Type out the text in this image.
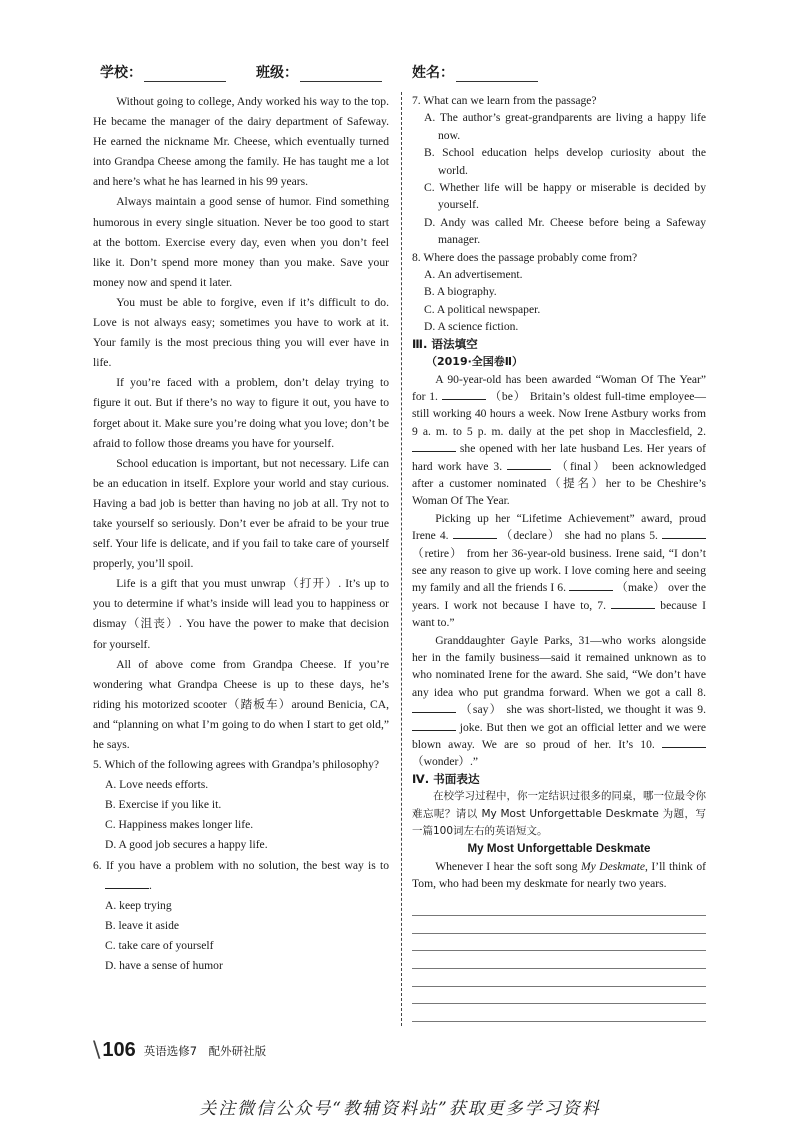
学校：	班级：	姓名：

Without going to college, Andy worked his way to the top. He became the manager of the dairy department of Safeway. He earned the nickname Mr. Cheese, which eventually turned into Grandpa Cheese among the family. He has taught me a lot and here’s what he has learned in his 99 years.

Always maintain a good sense of humor. Find something humorous in every single situation. Never be too good to start at the bottom. Exercise every day, even when you don’t feel like it. Don’t spend more money than you make. Save your money now and spend it later.

You must be able to forgive, even if it’s difficult to do. Love is not always easy; sometimes you have to work at it. Your family is the most precious thing you will ever have in life.

If you’re faced with a problem, don’t delay trying to figure it out. But if there’s no way to figure it out, you have to forget about it. Make sure you’re doing what you love; don’t be afraid to follow those dreams you have for yourself.

School education is important, but not necessary. Life can be an education in itself. Explore your world and stay curious. Having a bad job is better than having no job at all. Try not to take yourself so seriously. Don’t ever be afraid to be your true self. Your life is delicate, and if you fail to take care of yourself properly, you’ll spoil.

Life is a gift that you must unwrap（打开）. It’s up to you to determine if what’s inside will lead you to happiness or dismay（沮丧）. You have the power to make that decision for yourself.

All of above come from Grandpa Cheese. If you’re wondering what Grandpa Cheese is up to these days, he’s riding his motorized scooter（踏板车）around Benicia, CA, and “planning on what I’m going to do when I start to get old,” he says.

5. Which of the following agrees with Grandpa’s philosophy?

A. Love needs efforts.

B. Exercise if you like it.

C. Happiness makes longer life.

D. A good job secures a happy life.

6. If you have a problem with no solution, the best way is to .

A. keep trying

B. leave it aside

C. take care of yourself

D. have a sense of humor

7. What can we learn from the passage?

A. The author’s great-grandparents are living a happy life now.

B. School education helps develop curiosity about the world.

C. Whether life will be happy or miserable is decided by yourself.

D. Andy was called Mr. Cheese before being a Safeway manager.

8. Where does the passage probably come from?

A. An advertisement.

B. A biography.

C. A political newspaper.

D. A science fiction.

Ⅲ. 语法填空

（2019·全国卷Ⅱ）

A 90-year-old has been awarded “Woman Of The Year” for 1.	（be） Britain’s oldest full-time employee—still working 40 hours a week. Now Irene Astbury works from 9 a. m. to 5 p. m. daily at the pet shop in Macclesfield, 2.  she opened with her late husband Les. Her years of hard work have 3.	（final） been acknowledged after a customer nominated（提名）her to be Cheshire’s Woman Of The Year.

Picking up her “Lifetime Achievement” award, proud Irene 4.	（declare） she had no plans 5. （retire） from her 36-year-old business. Irene said, “I don’t see any reason to give up work. I love coming here and seeing my family and all the friends I 6.	（make） over the years. I work not because I have to, 7.	because I want to.”

Granddaughter Gayle Parks, 31—who works alongside her in the family business—said it remained unknown as to who nominated Irene for the award. She said, “We don’t have any idea who put grandma forward. When we got a call 8.  （say） she was short-listed, we thought it was 9.  joke. But then we got an official letter and we were blown away. We are so proud of her. It’s 10. （wonder）.”

Ⅳ. 书面表达

在校学习过程中，你一定结识过很多的同桌，哪一位最令你难忘呢？请以 My Most Unforgettable Deskmate 为题，写一篇100词左右的英语短文。

My Most Unforgettable Deskmate

Whenever I hear the soft song My Deskmate, I’ll think of Tom, who had been my deskmate for nearly two years.

\ 106 英语选修7　配外研社版
关注微信公众号“教辅资料站”获取更多学习资料
